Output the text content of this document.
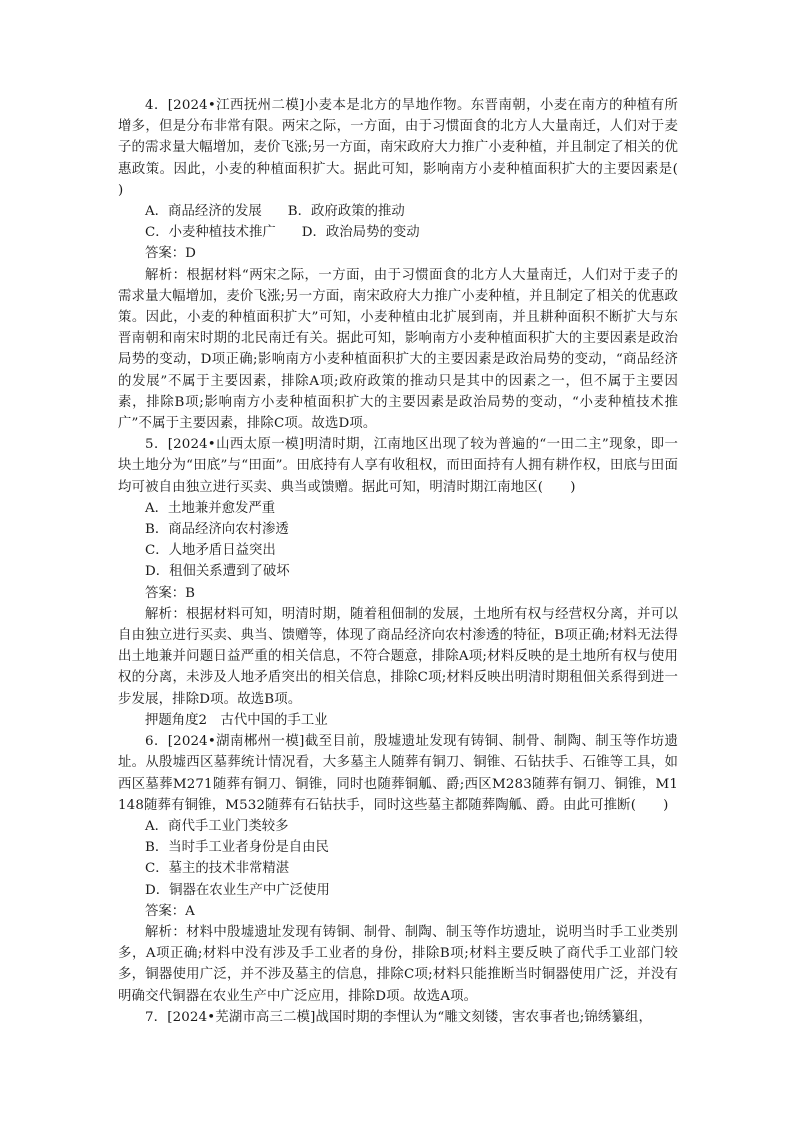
4．[2024•江西抚州二模]小麦本是北方的旱地作物。东晋南朝，小麦在南方的种植有所增多，但是分布非常有限。两宋之际，一方面，由于习惯面食的北方人大量南迁，人们对于麦子的需求量大幅增加，麦价飞涨;另一方面，南宋政府大力推广小麦种植，并且制定了相关的优惠政策。因此，小麦的种植面积扩大。据此可知，影响南方小麦种植面积扩大的主要因素是(　　)

A．商品经济的发展 B．政府政策的推动
C．小麦种植技术推广 D．政治局势的变动
答案：D

解析：根据材料“两宋之际，一方面，由于习惯面食的北方人大量南迁，人们对于麦子的需求量大幅增加，麦价飞涨;另一方面，南宋政府大力推广小麦种植，并且制定了相关的优惠政策。因此，小麦的种植面积扩大”可知，小麦种植由北扩展到南，并且耕种面积不断扩大与东晋南朝和南宋时期的北民南迁有关。据此可知，影响南方小麦种植面积扩大的主要因素是政治局势的变动，D项正确;影响南方小麦种植面积扩大的主要因素是政治局势的变动，“商品经济的发展”不属于主要因素，排除A项;政府政策的推动只是其中的因素之一，但不属于主要因素，排除B项;影响南方小麦种植面积扩大的主要因素是政治局势的变动，“小麦种植技术推广”不属于主要因素，排除C项。故选D项。

5．[2024•山西太原一模]明清时期，江南地区出现了较为普遍的“一田二主”现象，即一块土地分为“田底”与“田面”。田底持有人享有收租权，而田面持有人拥有耕作权，田底与田面均可被自由独立进行买卖、典当或馈赠。据此可知，明清时期江南地区(　　)

A．土地兼并愈发严重
B．商品经济向农村渗透
C．人地矛盾日益突出
D．租佃关系遭到了破坏
答案：B

解析：根据材料可知，明清时期，随着租佃制的发展，土地所有权与经营权分离，并可以自由独立进行买卖、典当、馈赠等，体现了商品经济向农村渗透的特征，B项正确;材料无法得出土地兼并问题日益严重的相关信息，不符合题意，排除A项;材料反映的是土地所有权与使用权的分离，未涉及人地矛盾突出的相关信息，排除C项;材料反映出明清时期租佃关系得到进一步发展，排除D项。故选B项。

押题角度2　古代中国的手工业

6．[2024•湖南郴州一模]截至目前，殷墟遗址发现有铸铜、制骨、制陶、制玉等作坊遗址。从殷墟西区墓葬统计情况看，大多墓主人随葬有铜刀、铜锥、石钻扶手、石锥等工具，如西区墓葬M271随葬有铜刀、铜锥，同时也随葬铜觚、爵;西区M283随葬有铜刀、铜锥，M1148随葬有铜锥，M532随葬有石钻扶手，同时这些墓主都随葬陶觚、爵。由此可推断(　　)

A．商代手工业门类较多
B．当时手工业者身份是自由民
C．墓主的技术非常精湛
D．铜器在农业生产中广泛使用
答案：A

解析：材料中殷墟遗址发现有铸铜、制骨、制陶、制玉等作坊遗址，说明当时手工业类别多，A项正确;材料中没有涉及手工业者的身份，排除B项;材料主要反映了商代手工业部门较多，铜器使用广泛，并不涉及墓主的信息，排除C项;材料只能推断当时铜器使用广泛，并没有明确交代铜器在农业生产中广泛应用，排除D项。故选A项。

7．[2024•芜湖市高三二模]战国时期的李悝认为“雕文刻镂，害农事者也;锦绣纂组，
